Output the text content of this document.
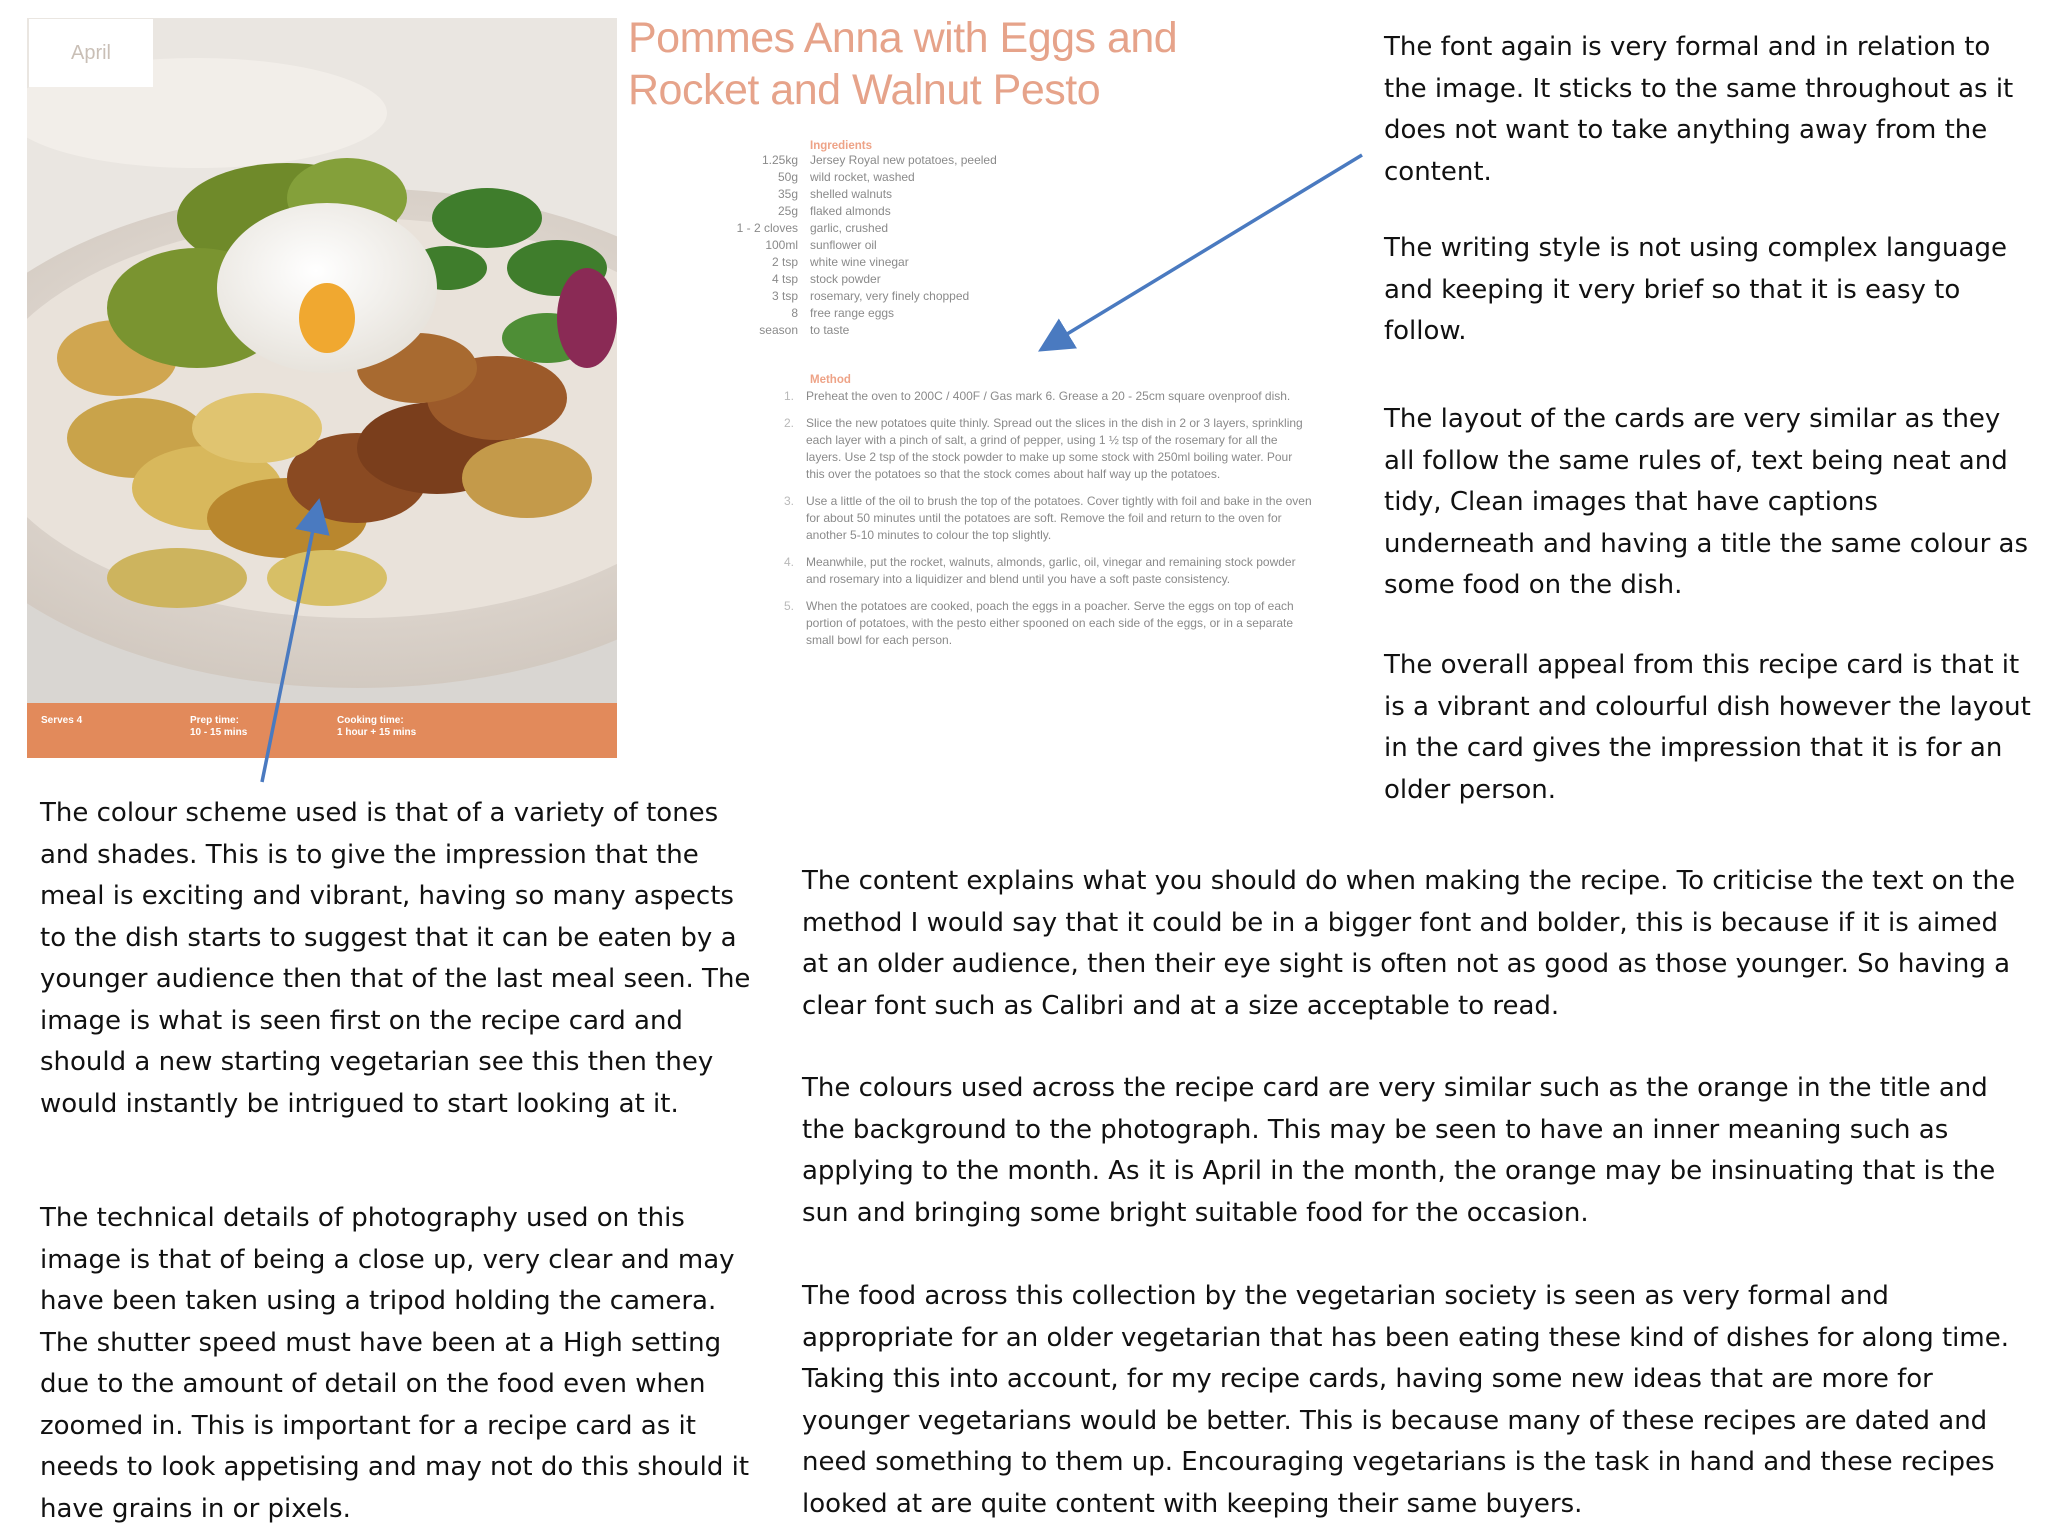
April
Serves 4	Prep time:
10 - 15 mins
Cooking time:
1 hour + 15 mins
Pommes Anna with Eggs and
Rocket and Walnut Pesto
Ingredients
1.25kg	Jersey Royal new potatoes, peeled
50g	wild rocket, washed
35g	shelled walnuts
25g	flaked almonds
1 - 2 cloves	garlic, crushed
100ml	sunflower oil
2 tsp	white wine vinegar
4 tsp	stock powder
3 tsp	rosemary, very finely chopped
8	free range eggs
season	to taste
Method
1. Preheat the oven to 200C / 400F / Gas mark 6. Grease a 20 - 25cm square ovenproof dish.
2. Slice the new potatoes quite thinly. Spread out the slices in the dish in 2 or 3 layers, sprinkling each layer with a pinch of salt, a grind of pepper, using 1 ½ tsp of the rosemary for all the layers. Use 2 tsp of the stock powder to make up some stock with 250ml boiling water. Pour this over the potatoes so that the stock comes about half way up the potatoes.
3. Use a little of the oil to brush the top of the potatoes. Cover tightly with foil and bake in the oven for about 50 minutes until the potatoes are soft. Remove the foil and return to the oven for another 5-10 minutes to colour the top slightly.
4. Meanwhile, put the rocket, walnuts, almonds, garlic, oil, vinegar and remaining stock powder and rosemary into a liquidizer and blend until you have a soft paste consistency.
5. When the potatoes are cooked, poach the eggs in a poacher. Serve the eggs on top of each portion of potatoes, with the pesto either spooned on each side of the eggs, or in a separate small bowl for each person.

The font again is very formal and in relation to the image. It sticks to the same throughout as it does not want to take anything away from the content.

The writing style is not using complex language and keeping it very brief so that it is easy to follow.

The layout of the cards are very similar as they all follow the same rules of, text being neat and tidy, Clean images that have captions underneath and having a title the same colour as some food on the dish.

The overall appeal from this recipe card is that it is a vibrant and colourful dish however the layout in the card gives the impression that it is for an older person.

The colour scheme used is that of a variety of tones and shades. This is to give the impression that the meal is exciting and vibrant, having so many aspects to the dish starts to suggest that it can be eaten by a younger audience then that of the last meal seen. The image is what is seen first on the recipe card and should a new starting vegetarian see this then they would instantly be intrigued to start looking at it.

The technical details of photography used on this image is that of being a close up, very clear and may have been taken using a tripod holding the camera. The shutter speed must have been at a High setting due to the amount of detail on the food even when zoomed in. This is important for a recipe card as it needs to look appetising and may not do this should it have grains in or pixels.

The content explains what you should do when making the recipe. To criticise the text on the method I would say that it could be in a bigger font and bolder, this is because if it is aimed at an older audience, then their eye sight is often not as good as those younger. So having a clear font such as Calibri and at a size acceptable to read.

The colours used across the recipe card are very similar such as the orange in the title and the background to the photograph. This may be seen to have an inner meaning such as applying to the month. As it is April in the month, the orange may be insinuating that is the sun and bringing some bright suitable food for the occasion.

The food across this collection by the vegetarian society is seen as very formal and appropriate for an older vegetarian that has been eating these kind of dishes for along time. Taking this into account, for my recipe cards, having some new ideas that are more for younger vegetarians would be better. This is because many of these recipes are dated and need something to them up. Encouraging vegetarians is the task in hand and these recipes looked at are quite content with keeping their same buyers.
